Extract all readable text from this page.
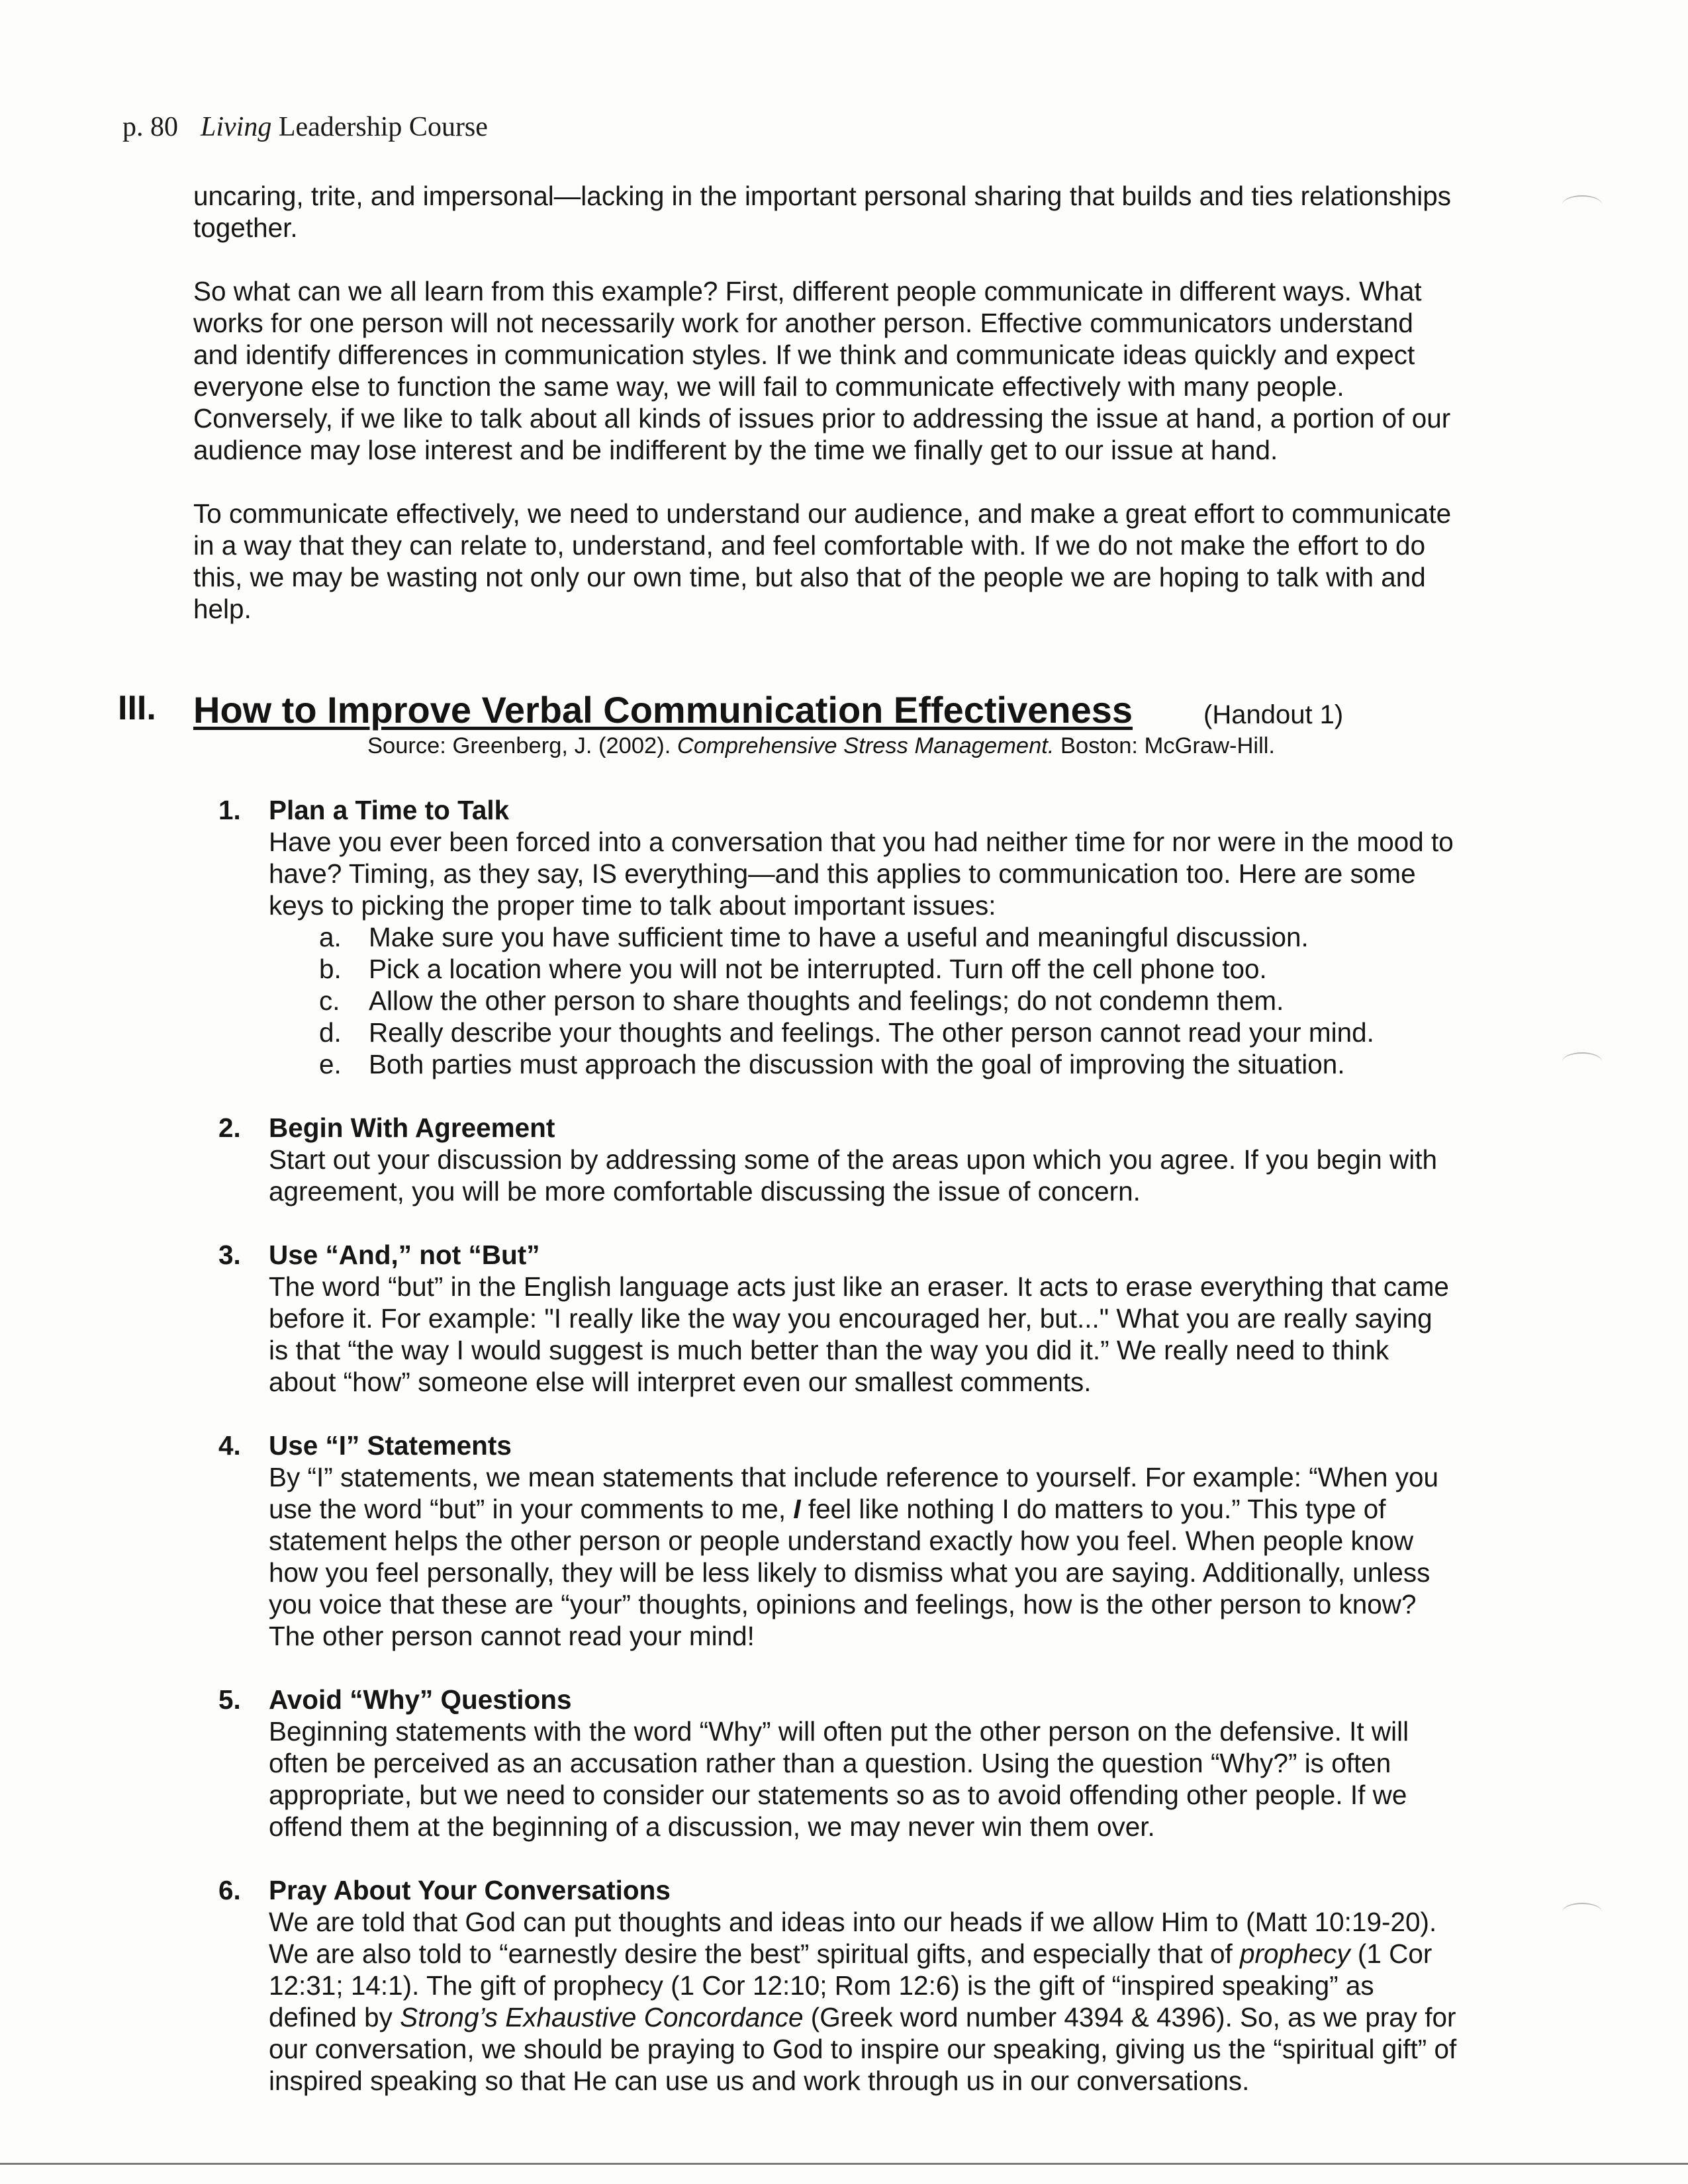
p. 80 Living Leadership Course
uncaring, trite, and impersonal—lacking in the important personal sharing that builds and ties relationships
together.
So what can we all learn from this example? First, different people communicate in different ways. What
works for one person will not necessarily work for another person. Effective communicators understand
and identify differences in communication styles. If we think and communicate ideas quickly and expect
everyone else to function the same way, we will fail to communicate effectively with many people.
Conversely, if we like to talk about all kinds of issues prior to addressing the issue at hand, a portion of our
audience may lose interest and be indifferent by the time we finally get to our issue at hand.
To communicate effectively, we need to understand our audience, and make a great effort to communicate
in a way that they can relate to, understand, and feel comfortable with. If we do not make the effort to do
this, we may be wasting not only our own time, but also that of the people we are hoping to talk with and
help.
III. How to Improve Verbal Communication Effectiveness	(Handout 1)
Source: Greenberg, J. (2002). Comprehensive Stress Management. Boston: McGraw-Hill.
1. Plan a Time to Talk
Have you ever been forced into a conversation that you had neither time for nor were in the mood to
have? Timing, as they say, IS everything—and this applies to communication too. Here are some
keys to picking the proper time to talk about important issues:
a. Make sure you have sufficient time to have a useful and meaningful discussion.
b. Pick a location where you will not be interrupted. Turn off the cell phone too.
c. Allow the other person to share thoughts and feelings; do not condemn them.
d. Really describe your thoughts and feelings. The other person cannot read your mind.
e. Both parties must approach the discussion with the goal of improving the situation.
2. Begin With Agreement
Start out your discussion by addressing some of the areas upon which you agree. If you begin with
agreement, you will be more comfortable discussing the issue of concern.
3. Use “And,” not “But”
The word “but” in the English language acts just like an eraser. It acts to erase everything that came
before it. For example: "I really like the way you encouraged her, but..." What you are really saying
is that “the way I would suggest is much better than the way you did it.” We really need to think
about “how” someone else will interpret even our smallest comments.
4. Use “I” Statements
By “I” statements, we mean statements that include reference to yourself. For example: “When you
use the word “but” in your comments to me, I feel like nothing I do matters to you.” This type of
statement helps the other person or people understand exactly how you feel. When people know
how you feel personally, they will be less likely to dismiss what you are saying. Additionally, unless
you voice that these are “your” thoughts, opinions and feelings, how is the other person to know?
The other person cannot read your mind!
5. Avoid “Why” Questions
Beginning statements with the word “Why” will often put the other person on the defensive. It will
often be perceived as an accusation rather than a question. Using the question “Why?” is often
appropriate, but we need to consider our statements so as to avoid offending other people. If we
offend them at the beginning of a discussion, we may never win them over.
6. Pray About Your Conversations
We are told that God can put thoughts and ideas into our heads if we allow Him to (Matt 10:19-20).
We are also told to “earnestly desire the best” spiritual gifts, and especially that of prophecy (1 Cor
12:31; 14:1). The gift of prophecy (1 Cor 12:10; Rom 12:6) is the gift of “inspired speaking” as
defined by Strong’s Exhaustive Concordance (Greek word number 4394 & 4396). So, as we pray for
our conversation, we should be praying to God to inspire our speaking, giving us the “spiritual gift” of
inspired speaking so that He can use us and work through us in our conversations.
